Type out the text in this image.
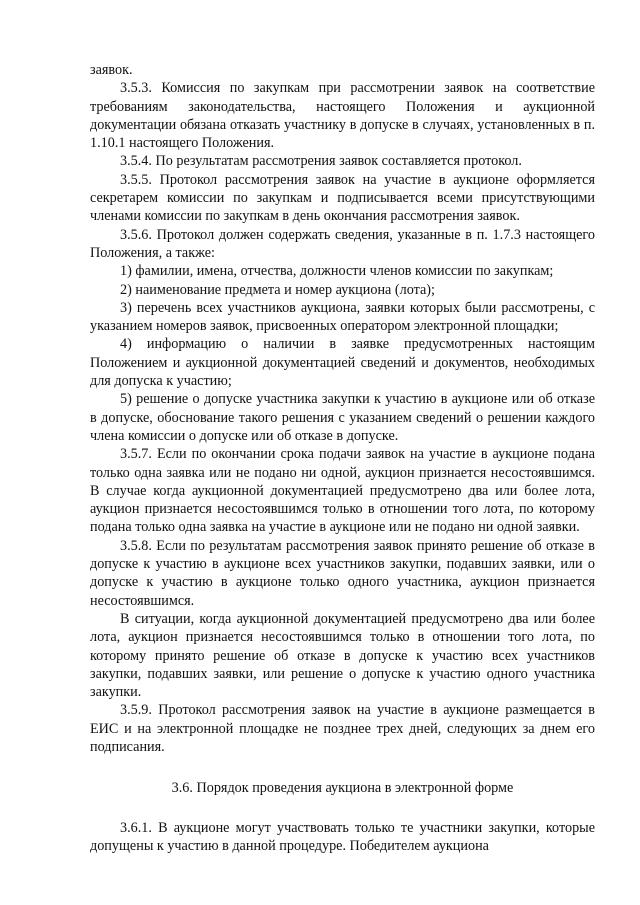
заявок.

3.5.3. Комиссия по закупкам при рассмотрении заявок на соответствие требованиям законодательства, настоящего Положения и аукционной документации обязана отказать участнику в допуске в случаях, установленных в п. 1.10.1 настоящего Положения.

3.5.4. По результатам рассмотрения заявок составляется протокол.

3.5.5. Протокол рассмотрения заявок на участие в аукционе оформляется секретарем комиссии по закупкам и подписывается всеми присутствующими членами комиссии по закупкам в день окончания рассмотрения заявок.

3.5.6. Протокол должен содержать сведения, указанные в п. 1.7.3 настоящего Положения, а также:

1) фамилии, имена, отчества, должности членов комиссии по закупкам;

2) наименование предмета и номер аукциона (лота);

3) перечень всех участников аукциона, заявки которых были рассмотрены, с указанием номеров заявок, присвоенных оператором электронной площадки;

4) информацию о наличии в заявке предусмотренных настоящим Положением и аукционной документацией сведений и документов, необходимых для допуска к участию;

5) решение о допуске участника закупки к участию в аукционе или об отказе в допуске, обоснование такого решения с указанием сведений о решении каждого члена комиссии о допуске или об отказе в допуске.

3.5.7. Если по окончании срока подачи заявок на участие в аукционе подана только одна заявка или не подано ни одной, аукцион признается несостоявшимся. В случае когда аукционной документацией предусмотрено два или более лота, аукцион признается несостоявшимся только в отношении того лота, по которому подана только одна заявка на участие в аукционе или не подано ни одной заявки.

3.5.8. Если по результатам рассмотрения заявок принято решение об отказе в допуске к участию в аукционе всех участников закупки, подавших заявки, или о допуске к участию в аукционе только одного участника, аукцион признается несостоявшимся.

В ситуации, когда аукционной документацией предусмотрено два или более лота, аукцион признается несостоявшимся только в отношении того лота, по которому принято решение об отказе в допуске к участию всех участников закупки, подавших заявки, или решение о допуске к участию одного участника закупки.

3.5.9. Протокол рассмотрения заявок на участие в аукционе размещается в ЕИС и на электронной площадке не позднее трех дней, следующих за днем его подписания.

3.6. Порядок проведения аукциона в электронной форме

3.6.1. В аукционе могут участвовать только те участники закупки, которые допущены к участию в данной процедуре. Победителем аукциона
